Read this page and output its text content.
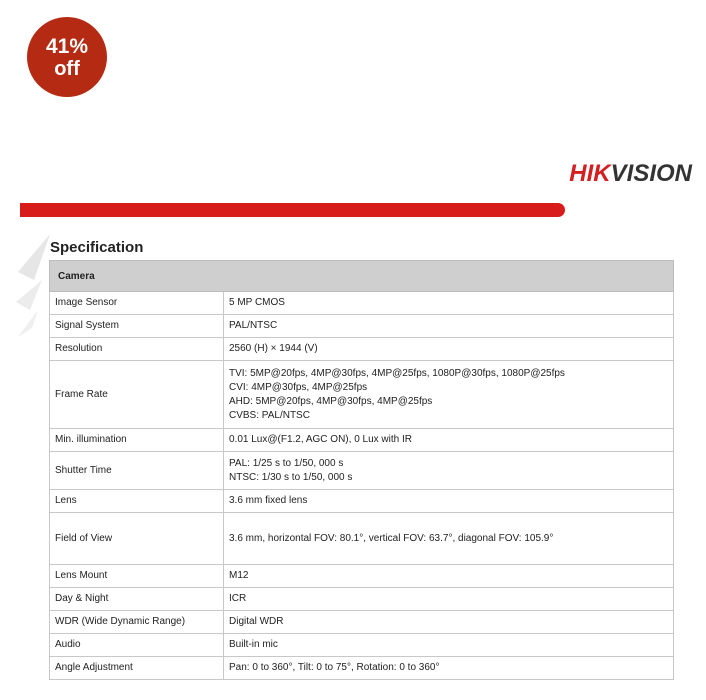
41%
off
HIKVISION
Specification
Camera	
Image Sensor	5 MP CMOS

Signal System	PAL/NTSC

Resolution	2560 (H) × 1944 (V)

Frame Rate	TVI: 5MP@20fps, 4MP@30fps, 4MP@25fps, 1080P@30fps, 1080P@25fps
CVI: 4MP@30fps, 4MP@25fps
AHD: 5MP@20fps, 4MP@30fps, 4MP@25fps
CVBS: PAL/NTSC

Min. illumination	0.01 Lux@(F1.2, AGC ON), 0 Lux with IR

Shutter Time	PAL: 1/25 s to 1/50, 000 s
NTSC: 1/30 s to 1/50, 000 s

Lens	3.6 mm fixed lens

Field of View	3.6 mm, horizontal FOV: 80.1°, vertical FOV: 63.7°, diagonal FOV: 105.9°

Lens Mount	M12

Day & Night	ICR

WDR (Wide Dynamic Range)	Digital WDR

Audio	Built-in mic

Angle Adjustment	Pan: 0 to 360°, Tilt: 0 to 75°, Rotation: 0 to 360°
